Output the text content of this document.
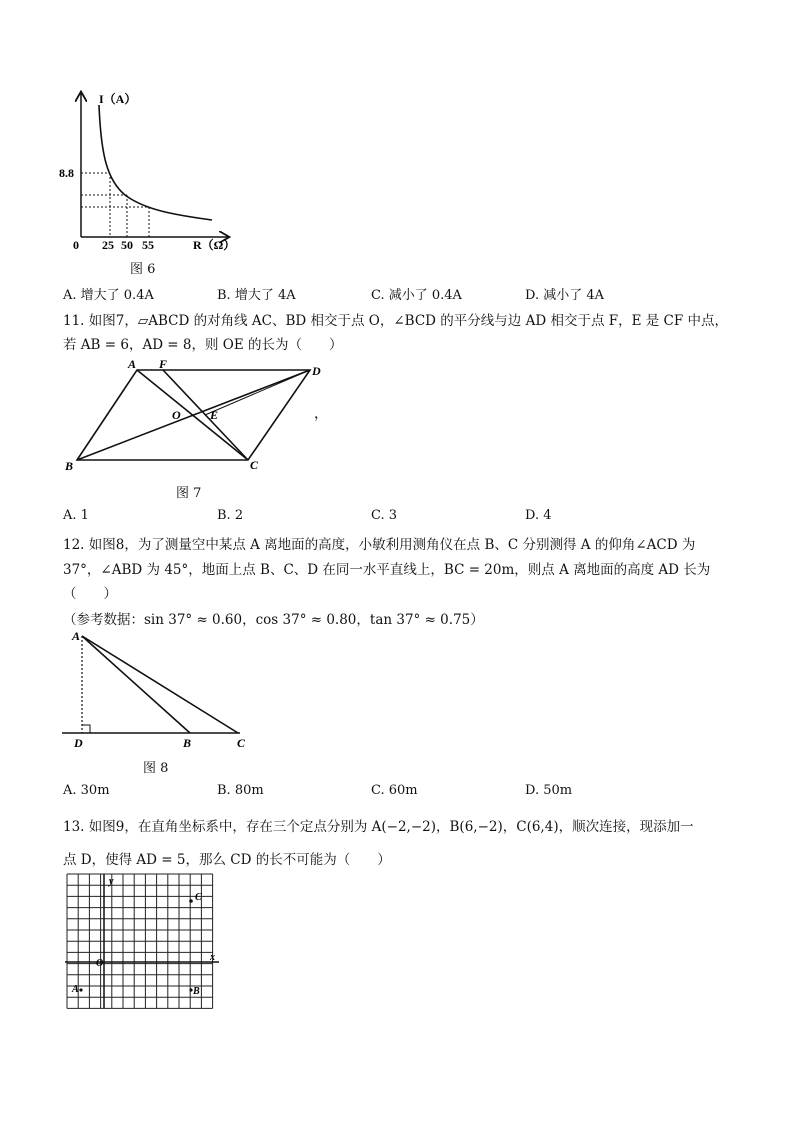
I（A）
R（Ω）
0
8.8
25 50 55
图 6
A. 增大了 0.4A	B. 增大了 4A	C. 减小了 0.4A	D. 减小了 4A
11. 如图7，▱ABCD 的对角线 AC、BD 相交于点 O，∠BCD 的平分线与边 AD 相交于点 F，E 是 CF 中点，
若 AB = 6，AD = 8，则 OE 的长为（　　）
A F	D
O E
B	C
，
图 7
A. 1	B. 2	C. 3	D. 4
12. 如图8，为了测量空中某点 A 离地面的高度，小敏利用测角仪在点 B、C 分别测得 A 的仰角∠ACD 为
37°，∠ABD 为 45°，地面上点 B、C、D 在同一水平直线上，BC = 20m，则点 A 离地面的高度 AD 长为
（　　）
（参考数据：sin 37° ≈ 0.60，cos 37° ≈ 0.80，tan 37° ≈ 0.75）
A
D	B	C
图 8
A. 30m	B. 80m	C. 60m	D. 50m
13. 如图9，在直角坐标系中，存在三个定点分别为 A(−2,−2)，B(6,−2)，C(6,4)，顺次连接，现添加一
点 D，使得 AD = 5，那么 CD 的长不可能为（　　）
y
x
O
A	B
C
